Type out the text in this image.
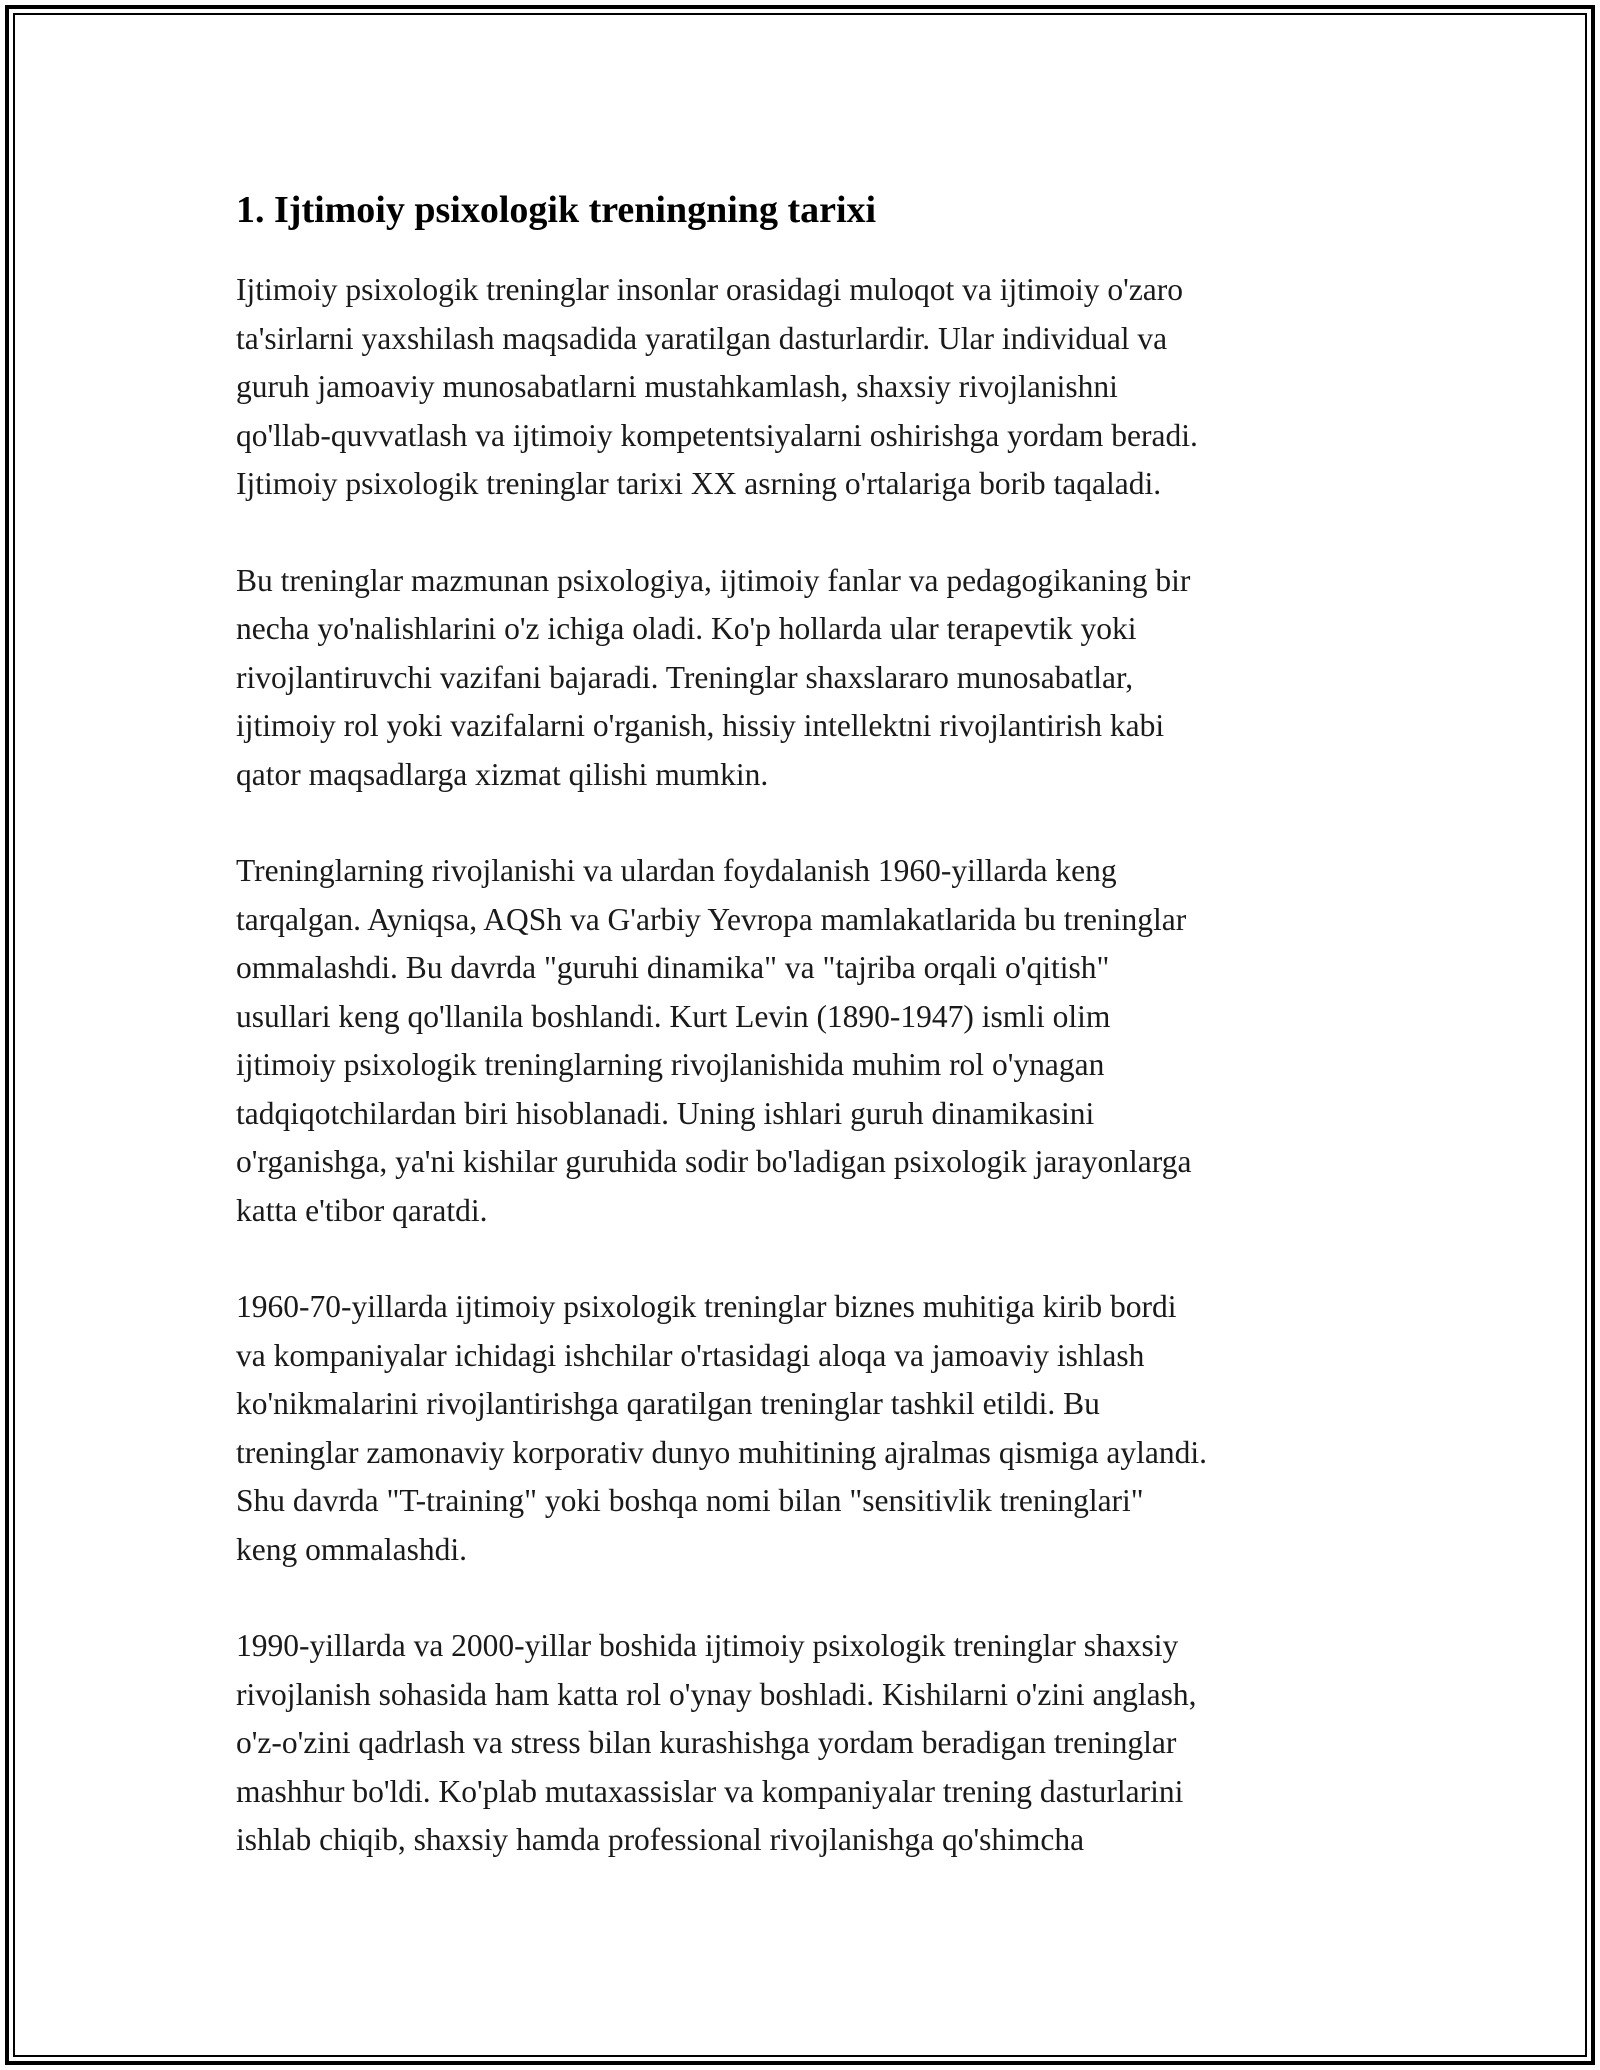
1. Ijtimoiy psixologik treningning tarixi

Ijtimoiy psixologik treninglar insonlar orasidagi muloqot va ijtimoiy o'zaro
ta'sirlarni yaxshilash maqsadida yaratilgan dasturlardir. Ular individual va
guruh jamoaviy munosabatlarni mustahkamlash, shaxsiy rivojlanishni
qo'llab-quvvatlash va ijtimoiy kompetentsiyalarni oshirishga yordam beradi.
Ijtimoiy psixologik treninglar tarixi XX asrning o'rtalariga borib taqaladi.

Bu treninglar mazmunan psixologiya, ijtimoiy fanlar va pedagogikaning bir
necha yo'nalishlarini o'z ichiga oladi. Ko'p hollarda ular terapevtik yoki
rivojlantiruvchi vazifani bajaradi. Treninglar shaxslararo munosabatlar,
ijtimoiy rol yoki vazifalarni o'rganish, hissiy intellektni rivojlantirish kabi
qator maqsadlarga xizmat qilishi mumkin.

Treninglarning rivojlanishi va ulardan foydalanish 1960-yillarda keng
tarqalgan. Ayniqsa, AQSh va G'arbiy Yevropa mamlakatlarida bu treninglar
ommalashdi. Bu davrda "guruhi dinamika" va "tajriba orqali o'qitish"
usullari keng qo'llanila boshlandi. Kurt Levin (1890-1947) ismli olim
ijtimoiy psixologik treninglarning rivojlanishida muhim rol o'ynagan
tadqiqotchilardan biri hisoblanadi. Uning ishlari guruh dinamikasini
o'rganishga, ya'ni kishilar guruhida sodir bo'ladigan psixologik jarayonlarga
katta e'tibor qaratdi.

1960-70-yillarda ijtimoiy psixologik treninglar biznes muhitiga kirib bordi
va kompaniyalar ichidagi ishchilar o'rtasidagi aloqa va jamoaviy ishlash
ko'nikmalarini rivojlantirishga qaratilgan treninglar tashkil etildi. Bu
treninglar zamonaviy korporativ dunyo muhitining ajralmas qismiga aylandi.
Shu davrda "T-training" yoki boshqa nomi bilan "sensitivlik treninglari"
keng ommalashdi.

1990-yillarda va 2000-yillar boshida ijtimoiy psixologik treninglar shaxsiy
rivojlanish sohasida ham katta rol o'ynay boshladi. Kishilarni o'zini anglash,
o'z-o'zini qadrlash va stress bilan kurashishga yordam beradigan treninglar
mashhur bo'ldi. Ko'plab mutaxassislar va kompaniyalar trening dasturlarini
ishlab chiqib, shaxsiy hamda professional rivojlanishga qo'shimcha
